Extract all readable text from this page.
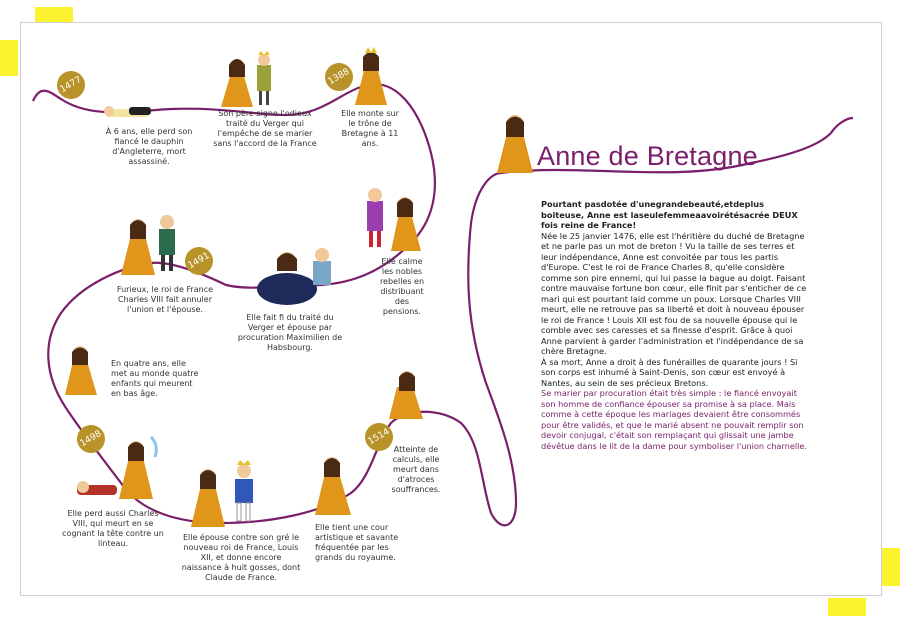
1477	1388
1491
1498	1514
À 6 ans, elle perd son fiancé le dauphin d'Angleterre, mort assassiné.
Son père signe l'odieux traité du Verger qui l'empêche de se marier sans l'accord de la France
Elle monte sur le trône de Bretagne à 11 ans.
Elle calme les nobles rebelles en distribuant des pensions.
Elle fait fi du traité du Verger et épouse par procuration Maximilien de Habsbourg.
Furieux, le roi de France Charles VIII fait annuler l'union et l'épouse.
En quatre ans, elle met au monde quatre enfants qui meurent en bas âge.
Elle perd aussi Charles VIII, qui meurt en se cognant la tête contre un linteau.
Elle épouse contre son gré le nouveau roi de France, Louis XII, et donne encore naissance à huit gosses, dont Claude de France.
Elle tient une cour artistique et savante fréquentée par les grands du royaume.
Atteinte de calculs, elle meurt dans d'atroces souffrances.
Anne de Bretagne

Pourtant pasdotée d'unegrandebeauté,etdeplus boiteuse, Anne est laseulefemmeaavoirétésacrée DEUX fois reine de France!

Née le 25 janvier 1476, elle est l'héritière du duché de Bretagne et ne parle pas un mot de breton ! Vu la taille de ses terres et leur indépendance, Anne est convoitée par tous les partis d'Europe. C'est le roi de France Charles 8, qu'elle considère comme son pire ennemi, qui lui passe la bague au doigt. Faisant contre mauvaise fortune bon cœur, elle finit par s'enticher de ce mari qui est pourtant laid comme un poux. Lorsque Charles VIII meurt, elle ne retrouve pas sa liberté et doit à nouveau épouser le roi de France ! Louis XII est fou de sa nouvelle épouse qui le comble avec ses caresses et sa finesse d'esprit. Grâce à quoi Anne parvient à garder l'administration et l'indépendance de sa chère Bretagne.

À sa mort, Anne a droit à des funérailles de quarante jours ! Si son corps est inhumé à Saint-Denis, son cœur est envoyé à Nantes, au sein de ses précieux Bretons.

Se marier par procuration était très simple : le fiancé envoyait son homme de confiance épouser sa promise à sa place. Mais comme à cette époque les mariages devaient être consommés pour être validés, et que le marié absent ne pouvait remplir son devoir conjugal, c'était son remplaçant qui glissait une jambe dévêtue dans le lit de la dame pour symboliser l'union charnelle.
